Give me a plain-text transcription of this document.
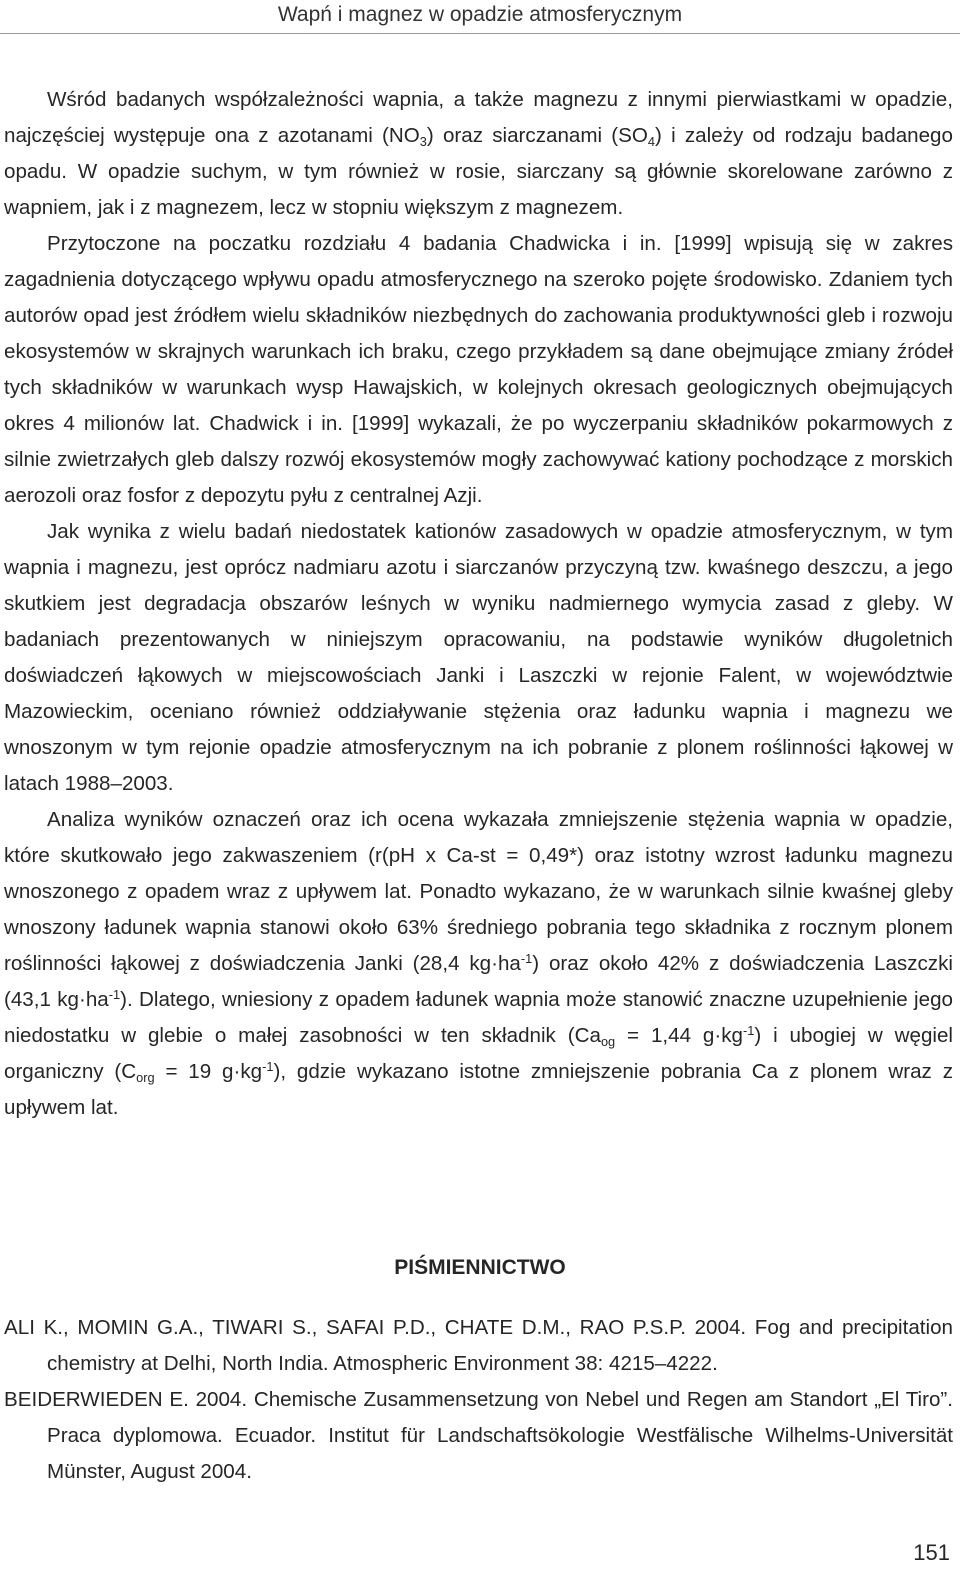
Wapń i magnez w opadzie atmosferycznym

Wśród badanych współzależności wapnia, a także magnezu z innymi pierwiastkami w opadzie, najczęściej występuje ona z azotanami $(NO_3)$ oraz siarczanami $(SO_4)$ i zależy od rodzaju badanego opadu. W opadzie suchym, w tym również w rosie, siarczany są głównie skorelowane zarówno z wapniem, jak i z magnezem, lecz w stopniu większym z magnezem.

Przytoczone na poczatku rozdziału 4 badania Chadwicka i in. [1999] wpisują się w zakres zagadnienia dotyczącego wpływu opadu atmosferycznego na szeroko pojęte środowisko. Zdaniem tych autorów opad jest źródłem wielu składników niezbędnych do zachowania produktywności gleb i rozwoju ekosystemów w skrajnych warunkach ich braku, czego przykładem są dane obejmujące zmiany źródeł tych składników w warunkach wysp Hawajskich, w kolejnych okresach geologicznych obejmujących okres 4 milionów lat. Chadwick i in. [1999] wykazali, że po wyczerpaniu składników pokarmowych z silnie zwietrzałych gleb dalszy rozwój ekosystemów mogły zachowywać kationy pochodzące z morskich aerozoli oraz fosfor z depozytu pyłu z centralnej Azji.

Jak wynika z wielu badań niedostatek kationów zasadowych w opadzie atmosferycznym, w tym wapnia i magnezu, jest oprócz nadmiaru azotu i siarczanów przyczyną tzw. kwaśnego deszczu, a jego skutkiem jest degradacja obszarów leśnych w wyniku nadmiernego wymycia zasad z gleby. W badaniach prezentowanych w niniejszym opracowaniu, na podstawie wyników długoletnich doświadczeń łąkowych w miejscowościach Janki i Laszczki w rejonie Falent, w województwie Mazowieckim, oceniano również oddziaływanie stężenia oraz ładunku wapnia i magnezu we wnoszonym w tym rejonie opadzie atmosferycznym na ich pobranie z plonem roślinności łąkowej w latach 1988–2003.

Analiza wyników oznaczeń oraz ich ocena wykazała zmniejszenie stężenia wapnia w opadzie, które skutkowało jego zakwaszeniem (r(pH x Ca-st = 0,49*) oraz istotny wzrost ładunku magnezu wnoszonego z opadem wraz z upływem lat. Ponadto wykazano, że w warunkach silnie kwaśnej gleby wnoszony ładunek wapnia stanowi około 63% średniego pobrania tego składnika z rocznym plonem roślinności łąkowej z doświadczenia Janki (28,4 $kg\cdot ha^{-1}$) oraz około 42% z doświadczenia Laszczki (43,1 $kg\cdot ha^{-1}$). Dlatego, wniesiony z opadem ładunek wapnia może stanowić znaczne uzupełnienie jego niedostatku w glebie o małej zasobności w ten składnik ($Ca_{og} = 1,44$ $g\cdot kg^{-1}$) i ubogiej w węgiel organiczny ($C_{org} = 19$ $g\cdot kg^{-1}$), gdzie wykazano istotne zmniejszenie pobrania Ca z plonem wraz z upływem lat.

PIŚMIENNICTWO

ALI K., MOMIN G.A., TIWARI S., SAFAI P.D., CHATE D.M., RAO P.S.P. 2004. Fog and precipitation chemistry at Delhi, North India. Atmospheric Environment 38: 4215–4222.

BEIDERWIEDEN E. 2004. Chemische Zusammensetzung von Nebel und Regen am Standort „El Tiro”. Praca dyplomowa. Ecuador. Institut für Landschaftsökologie Westfälische Wilhelms-Universität Münster, August 2004.

151
